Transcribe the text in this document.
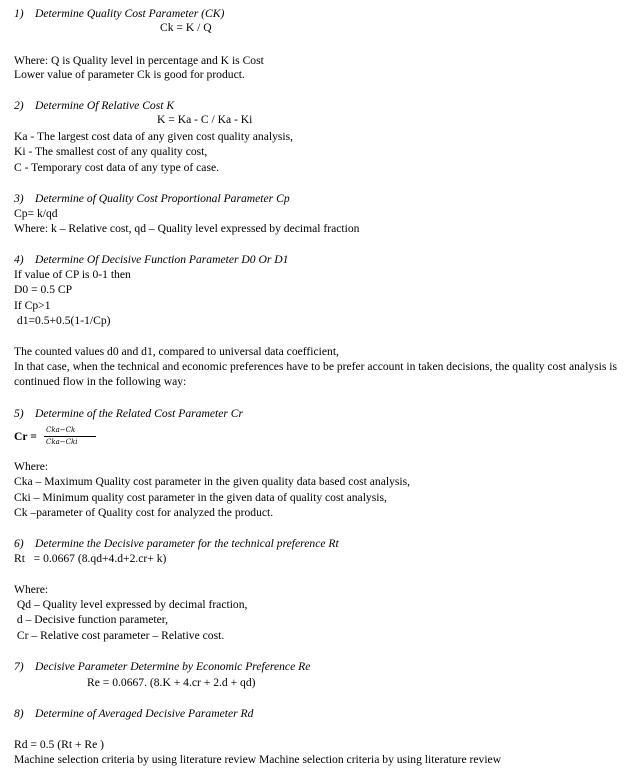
1) Determine Quality Cost Parameter (CK)
Ck = K / Q
Where: Q is Quality level in percentage and K is Cost
Lower value of parameter Ck is good for product.
2) Determine Of Relative Cost K
K = Ka - C / Ka - Ki
Ka - The largest cost data of any given cost quality analysis,
Ki - The smallest cost of any quality cost,
C - Temporary cost data of any type of case.
3) Determine of Quality Cost Proportional Parameter Cp
Cp= k/qd
Where: k – Relative cost, qd – Quality level expressed by decimal fraction
4) Determine Of Decisive Function Parameter D0 Or D1
If value of CP is 0-1 then
D0 = 0.5 CP
If Cp>1
d1=0.5+0.5(1-1/Cp)
The counted values d0 and d1, compared to universal data coefficient,
In that case, when the technical and economic preferences have to be prefer account in taken decisions, the quality cost analysis is continued flow in the following way:
5) Determine of the Related Cost Parameter Cr
Cr = Cka−Ck
Cka−Cki
Where:
Cka – Maximum Quality cost parameter in the given quality data based cost analysis,
Cki – Minimum quality cost parameter in the given data of quality cost analysis,
Ck –parameter of Quality cost for analyzed the product.
6) Determine the Decisive parameter for the technical preference Rt
Rt   = 0.0667 (8.qd+4.d+2.cr+ k)
Where:
Qd – Quality level expressed by decimal fraction,
d – Decisive function parameter,
Cr – Relative cost parameter – Relative cost.
7) Decisive Parameter Determine by Economic Preference Re
Re = 0.0667. (8.K + 4.cr + 2.d + qd)
8) Determine of Averaged Decisive Parameter Rd
Rd = 0.5 (Rt + Re )
Machine selection criteria by using literature review Machine selection criteria by using literature review
